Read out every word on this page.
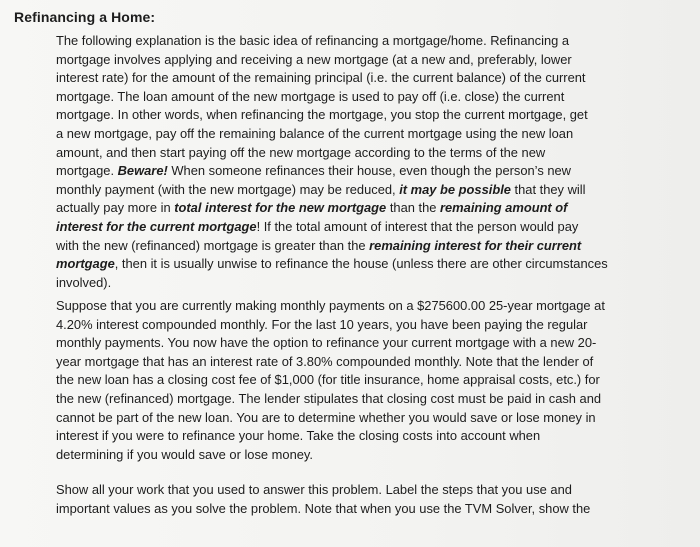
Refinancing a Home:
The following explanation is the basic idea of refinancing a mortgage/home. Refinancing a
mortgage involves applying and receiving a new mortgage (at a new and, preferably, lower
interest rate) for the amount of the remaining principal (i.e. the current balance) of the current
mortgage. The loan amount of the new mortgage is used to pay off (i.e. close) the current
mortgage. In other words, when refinancing the mortgage, you stop the current mortgage, get
a new mortgage, pay off the remaining balance of the current mortgage using the new loan
amount, and then start paying off the new mortgage according to the terms of the new
mortgage. Beware! When someone refinances their house, even though the person’s new
monthly payment (with the new mortgage) may be reduced, it may be possible that they will
actually pay more in total interest for the new mortgage than the remaining amount of
interest for the current mortgage! If the total amount of interest that the person would pay
with the new (refinanced) mortgage is greater than the remaining interest for their current
mortgage, then it is usually unwise to refinance the house (unless there are other circumstances
involved).
Suppose that you are currently making monthly payments on a $275600.00 25-year mortgage at
4.20% interest compounded monthly. For the last 10 years, you have been paying the regular
monthly payments. You now have the option to refinance your current mortgage with a new 20-
year mortgage that has an interest rate of 3.80% compounded monthly. Note that the lender of
the new loan has a closing cost fee of $1,000 (for title insurance, home appraisal costs, etc.) for
the new (refinanced) mortgage. The lender stipulates that closing cost must be paid in cash and
cannot be part of the new loan. You are to determine whether you would save or lose money in
interest if you were to refinance your home. Take the closing costs into account when
determining if you would save or lose money.
Show all your work that you used to answer this problem. Label the steps that you use and
important values as you solve the problem. Note that when you use the TVM Solver, show the
